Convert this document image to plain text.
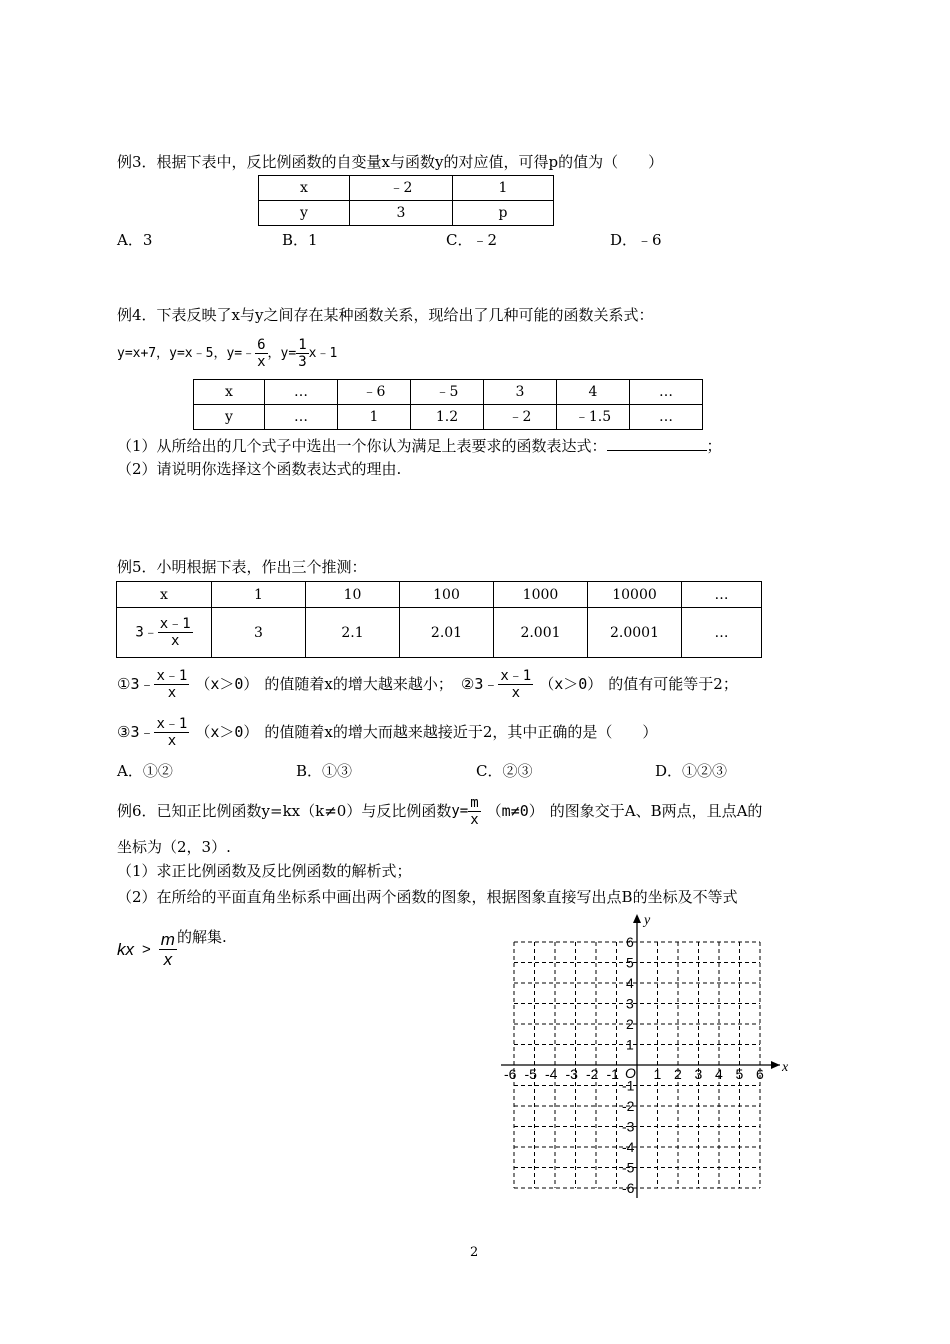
例3．根据下表中，反比例函数的自变量x与函数y的对应值，可得p的值为（　　）
x	﹣2	1
y	3	p
A．3	B．1	C．﹣2	D．﹣6
例4．下表反映了x与y之间存在某种函数关系，现给出了几种可能的函数关系式：
y=x+7，y=x﹣5，y=﹣ $\frac{6}{x}$ ，$y= \frac{1}{3}$ x﹣1
x	…	﹣6	﹣5	3	4	…
y	…	1	1.2	﹣2	﹣1.5	…
（1）从所给出的几个式子中选出一个你认为满足上表要求的函数表达式：	；
（2）请说明你选择这个函数表达式的理由.
例5．小明根据下表，作出三个推测：
x	1	10	100	1000	10000	…
3﹣ $\frac{x﹣1}{x}$	3	2.1	2.01	2.001	2.0001	…
① 3﹣ $\frac{x﹣1}{x} (x>0)$ 的值随着x的增大越来越小； ② 3﹣ $\frac{x﹣1}{x} (x>0)$ 的值有可能等于2；
③ 3﹣ $\frac{x﹣1}{x} (x>0)$ 的值随着x的增大而越来越接近于2，其中正确的是（　　）
A．①②	B．①③	C．②③	D．①②③
例6．已知正比例函数y=kx（k≠0）与反比例函数 $y= \frac{m}{x} (m\ne 0)$ 的图象交于A、B两点，且点A的
坐标为（2，3）.
（1）求正比例函数及反比例函数的解析式；
（2）在所给的平面直角坐标系中画出两个函数的图象，根据图象直接写出点B的坐标及不等式
kx > $\frac{m}{x}$ 的解集.
x
y
O
-6 -5 -4 -3 -2 -1 1 2 3 4 5 6
6
5
4
3
2
1
-1
-2
-3
-4
-5
-6
2
